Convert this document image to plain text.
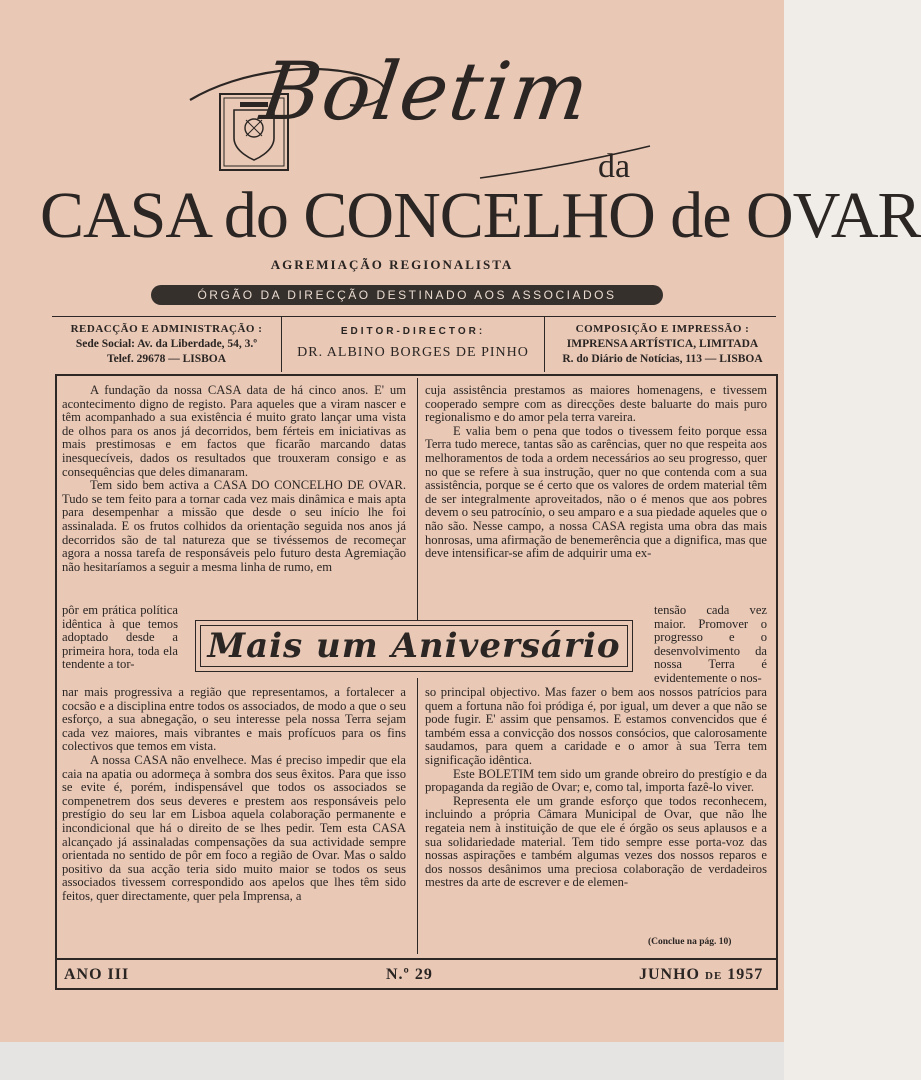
Boletim
da
CASA do CONCELHO de OVAR
AGREMIAÇÃO REGIONALISTA
ÓRGÃO DA DIRECÇÃO DESTINADO AOS ASSOCIADOS
REDACÇÃO E ADMINISTRAÇÃO :
Sede Social: Av. da Liberdade, 54, 3.º
Telef. 29678 — LISBOA
EDITOR-DIRECTOR:
DR. ALBINO BORGES DE PINHO
COMPOSIÇÃO E IMPRESSÃO :
IMPRENSA ARTÍSTICA, LIMITADA
R. do Diário de Notícias, 113 — LISBOA

A fundação da nossa CASA data de há cinco anos. E' um acontecimento digno de registo. Para aqueles que a viram nascer e têm acompanhado a sua existência é muito grato lançar uma vista de olhos para os anos já decorridos, bem férteis em iniciativas as mais prestimosas e em factos que ficarão marcando datas inesquecíveis, dados os resultados que trouxeram consigo e as consequências que deles dimanaram.

Tem sido bem activa a CASA DO CONCELHO DE OVAR. Tudo se tem feito para a tornar cada vez mais dinâmica e mais apta para desempenhar a missão que desde o seu início lhe foi assinalada. E os frutos colhidos da orientação seguida nos anos já decorridos são de tal natureza que se tivéssemos de recomeçar agora a nossa tarefa de responsáveis pelo futuro desta Agremiação não hesitaríamos a seguir a mesma linha de rumo, em

pôr em prática política idêntica à que temos adoptado desde a primeira hora, toda ela tendente a tor-

nar mais progressiva a região que representamos, a fortalecer a cocsão e a disciplina entre todos os associados, de modo a que o seu esforço, a sua abnegação, o seu interesse pela nossa Terra sejam cada vez maiores, mais vibrantes e mais profícuos para os fins colectivos que temos em vista.

A nossa CASA não envelhece. Mas é preciso impedir que ela caia na apatia ou adormeça à sombra dos seus êxitos. Para que isso se evite é, porém, indispensável que todos os associados se compenetrem dos seus deveres e prestem aos responsáveis pelo prestígio do seu lar em Lisboa aquela colaboração permanente e incondicional que há o direito de se lhes pedir. Tem esta CASA alcançado já assinaladas compensações da sua actividade sempre orientada no sentido de pôr em foco a região de Ovar. Mas o saldo positivo da sua acção teria sido muito maior se todos os seus associados tivessem correspondido aos apelos que lhes têm sido feitos, quer directamente, quer pela Imprensa, a

Mais um Aniversário

cuja assistência prestamos as maiores homenagens, e tivessem cooperado sempre com as direcções deste baluarte do mais puro regionalismo e do amor pela terra vareira.

E valia bem o pena que todos o tivessem feito porque essa Terra tudo merece, tantas são as carências, quer no que respeita aos melhoramentos de toda a ordem necessários ao seu progresso, quer no que se refere à sua instrução, quer no que contenda com a sua assistência, porque se é certo que os valores de ordem material têm de ser integralmente aproveitados, não o é menos que aos pobres devem o seu patrocínio, o seu amparo e a sua piedade aqueles que o não são. Nesse campo, a nossa CASA regista uma obra das mais honrosas, uma afirmação de benemerência que a dignifica, mas que deve intensificar-se afim de adquirir uma ex-

tensão cada vez maior. Promover o progresso e o desenvolvimento da nossa Terra é evidentemente o nos-

so principal objectivo. Mas fazer o bem aos nossos patrícios para quem a fortuna não foi pródiga é, por igual, um dever a que não se pode fugir. E' assim que pensamos. E estamos convencidos que é também essa a convicção dos nossos consócios, que calorosamente saudamos, para quem a caridade e o amor à sua Terra tem significação idêntica.

Este BOLETIM tem sido um grande obreiro do prestígio e da propaganda da região de Ovar; e, como tal, importa fazê-lo viver.

Representa ele um grande esforço que todos reconhecem, incluindo a própria Câmara Municipal de Ovar, que não lhe regateia nem à instituição de que ele é órgão os seus aplausos e a sua solidariedade material. Tem tido sempre esse porta-voz das nossas aspirações e também algumas vezes dos nossos reparos e dos nossos desânimos uma preciosa colaboração de verdadeiros mestres da arte de escrever e de elemen-

(Conclue na pág. 10)
ANO III	N.º 29	JUNHO DE 1957
